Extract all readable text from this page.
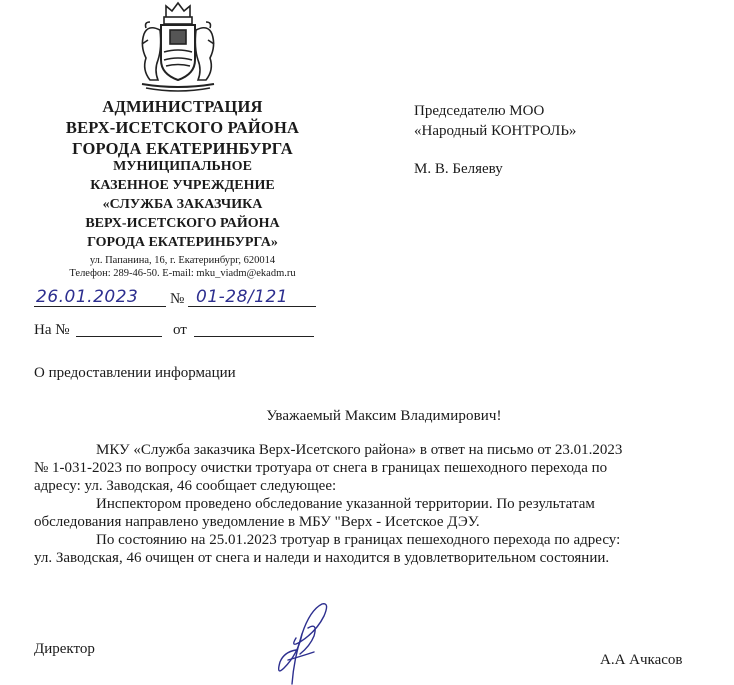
АДМИНИСТРАЦИЯ
ВЕРХ-ИСЕТСКОГО РАЙОНА
ГОРОДА ЕКАТЕРИНБУРГА
МУНИЦИПАЛЬНОЕ
КАЗЕННОЕ УЧРЕЖДЕНИЕ
«СЛУЖБА ЗАКАЗЧИКА
ВЕРХ-ИСЕТСКОГО РАЙОНА
ГОРОДА ЕКАТЕРИНБУРГА»
ул. Папанина, 16, г. Екатеринбург, 620014
Телефон: 289-46-50. E-mail: mku_viadm@ekadm.ru
26.01.2023 № 01-28/121
На №	от
О предоставлении информации
Председателю МОО
«Народный КОНТРОЛЬ»
М. В. Беляеву
Уважаемый Максим Владимирович!
МКУ «Служба заказчика Верх-Исетского района» в ответ на письмо от 23.01.2023
№ 1-031-2023 по вопросу очистки тротуара от снега в границах пешеходного перехода по
адресу: ул. Заводская, 46 сообщает следующее:
Инспектором проведено обследование указанной территории. По результатам
обследования направлено уведомление в МБУ "Верх - Исетское ДЭУ.
По состоянию на 25.01.2023 тротуар в границах пешеходного перехода по адресу:
ул. Заводская, 46 очищен от снега и наледи и находится в удовлетворительном состоянии.
Директор
А.А Ачкасов
